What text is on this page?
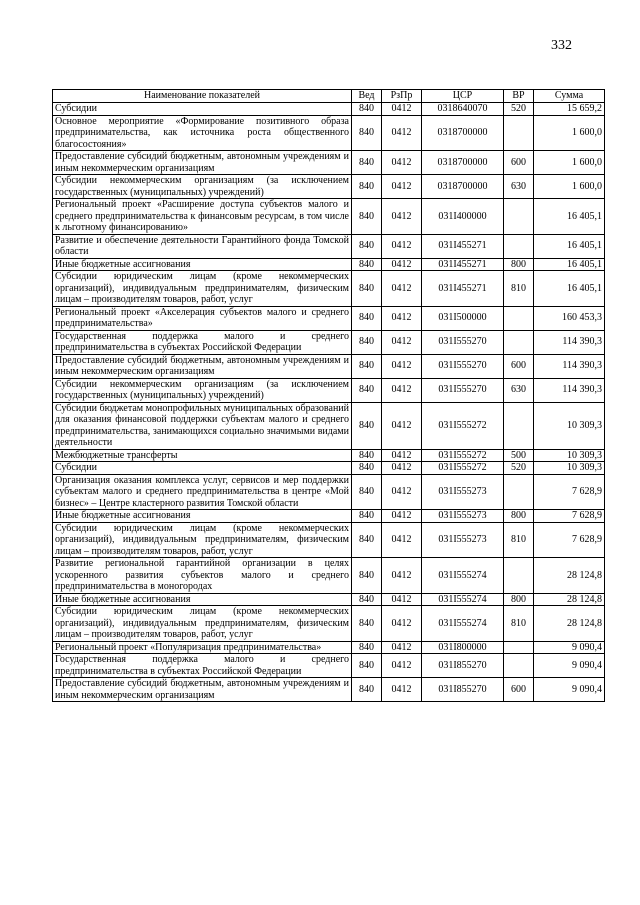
332
Наименование показателей	Вед	РзПр	ЦСР	ВР	Сумма
Субсидии	840	0412	0318640070	520	15 659,2
Основное мероприятие «Формирование позитивного образа предпринимательства, как источника роста общественного благосостояния»	840	0412	0318700000		1 600,0
Предоставление субсидий бюджетным, автономным учреждениям и иным некоммерческим организациям	840	0412	0318700000	600	1 600,0
Субсидии некоммерческим организациям (за исключением государственных (муниципальных) учреждений)	840	0412	0318700000	630	1 600,0
Региональный проект «Расширение доступа субъектов малого и среднего предпринимательства к финансовым ресурсам, в том числе к льготному финансированию»	840	0412	031I400000		16 405,1
Развитие и обеспечение деятельности Гарантийного фонда Томской области	840	0412	031I455271		16 405,1
Иные бюджетные ассигнования	840	0412	031I455271	800	16 405,1
Субсидии юридическим лицам (кроме некоммерческих организаций), индивидуальным предпринимателям, физическим лицам – производителям товаров, работ, услуг	840	0412	031I455271	810	16 405,1
Региональный проект «Акселерация субъектов малого и среднего предпринимательства»	840	0412	031I500000		160 453,3
Государственная поддержка малого и среднего предпринимательства в субъектах Российской Федерации	840	0412	031I555270		114 390,3
Предоставление субсидий бюджетным, автономным учреждениям и иным некоммерческим организациям	840	0412	031I555270	600	114 390,3
Субсидии некоммерческим организациям (за исключением государственных (муниципальных) учреждений)	840	0412	031I555270	630	114 390,3
Субсидии бюджетам монопрофильных муниципальных образований для оказания финансовой поддержки субъектам малого и среднего предпринимательства, занимающихся социально значимыми видами деятельности	840	0412	031I555272		10 309,3
Межбюджетные трансферты	840	0412	031I555272	500	10 309,3
Субсидии	840	0412	031I555272	520	10 309,3
Организация оказания комплекса услуг, сервисов и мер поддержки субъектам малого и среднего предпринимательства в центре «Мой бизнес» – Центре кластерного развития Томской области	840	0412	031I555273		7 628,9
Иные бюджетные ассигнования	840	0412	031I555273	800	7 628,9
Субсидии юридическим лицам (кроме некоммерческих организаций), индивидуальным предпринимателям, физическим лицам – производителям товаров, работ, услуг	840	0412	031I555273	810	7 628,9
Развитие региональной гарантийной организации в целях ускоренного развития субъектов малого и среднего предпринимательства в моногородах	840	0412	031I555274		28 124,8
Иные бюджетные ассигнования	840	0412	031I555274	800	28 124,8
Субсидии юридическим лицам (кроме некоммерческих организаций), индивидуальным предпринимателям, физическим лицам – производителям товаров, работ, услуг	840	0412	031I555274	810	28 124,8
Региональный проект «Популяризация предпринимательства»	840	0412	031I800000		9 090,4
Государственная поддержка малого и среднего предпринимательства в субъектах Российской Федерации	840	0412	031I855270		9 090,4
Предоставление субсидий бюджетным, автономным учреждениям и иным некоммерческим организациям	840	0412	031I855270	600	9 090,4
